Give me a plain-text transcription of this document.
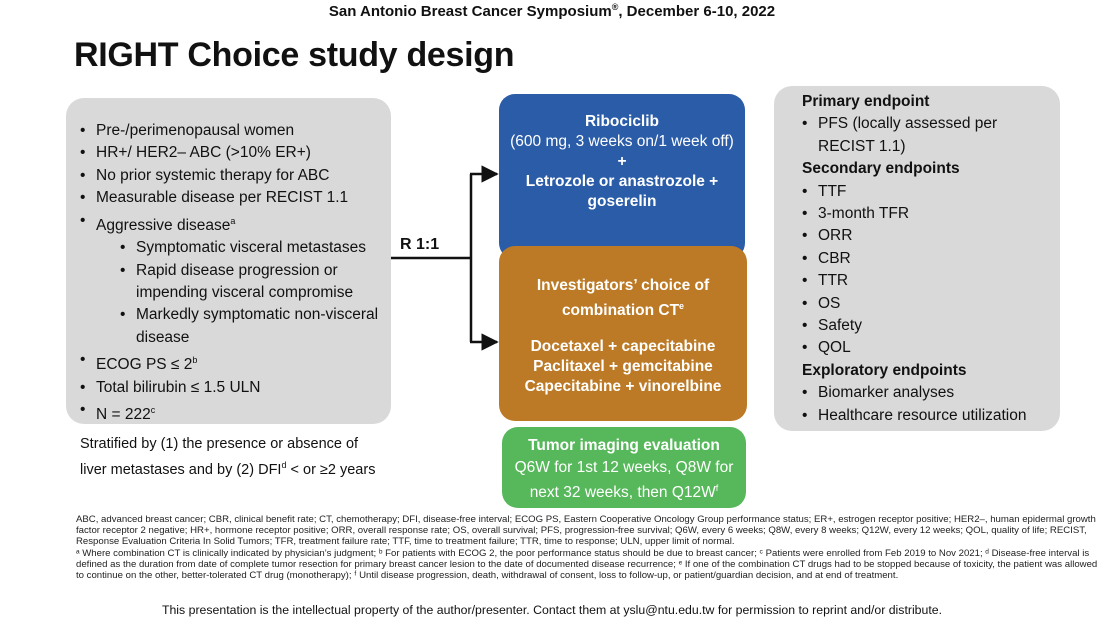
San Antonio Breast Cancer Symposium®, December 6-10, 2022
RIGHT Choice study design
• Pre-/perimenopausal women
• HR+/ HER2– ABC (>10% ER+)
• No prior systemic therapy for ABC
• Measurable disease per RECIST 1.1
• Aggressive disease$^a$
• Symptomatic visceral metastases
• Rapid disease progression or impending visceral compromise
• Markedly symptomatic non-visceral disease
• ECOG PS ≤ $2^b$
• Total bilirubin ≤ 1.5 ULN
• $N = 222^c$
Stratified by (1) the presence or absence of liver metastases and by (2) $DFI^d$ < or ≥2 years
R 1:1
Ribociclib
(600 mg, 3 weeks on/1 week off)
+
Letrozole or anastrozole + goserelin
Investigators’ choice of combination $CT^e$
Docetaxel + capecitabine
Paclitaxel + gemcitabine
Capecitabine + vinorelbine
Tumor imaging evaluation
Q6W for 1st 12 weeks, Q8W for next 32 weeks, then $Q12W^f$
Primary endpoint
• PFS (locally assessed per RECIST 1.1)
Secondary endpoints
• TTF
• 3-month TFR
• ORR
• CBR
• TTR
• OS
• Safety
• QOL
Exploratory endpoints
• Biomarker analyses
• Healthcare resource utilization
ABC, advanced breast cancer; CBR, clinical benefit rate; CT, chemotherapy; DFI, disease-free interval; ECOG PS, Eastern Cooperative Oncology Group performance status; ER+, estrogen receptor positive; HER2–, human epidermal growth factor receptor 2 negative; HR+, hormone receptor positive; ORR, overall response rate; OS, overall survival; PFS, progression-free survival; Q6W, every 6 weeks; Q8W, every 8 weeks; Q12W, every 12 weeks; QOL, quality of life; RECIST, Response Evaluation Criteria In Solid Tumors; TFR, treatment failure rate; TTF, time to treatment failure; TTR, time to response; ULN, upper limit of normal.
ᵃ Where combination CT is clinically indicated by physician’s judgment; ᵇ For patients with ECOG 2, the poor performance status should be due to breast cancer; ᶜ Patients were enrolled from Feb 2019 to Nov 2021; ᵈ Disease-free interval is defined as the duration from date of complete tumor resection for primary breast cancer lesion to the date of documented disease recurrence; ᵉ If one of the combination CT drugs had to be stopped because of toxicity, the patient was allowed to continue on the other, better-tolerated CT drug (monotherapy); ᶠ Until disease progression, death, withdrawal of consent, loss to follow-up, or patient/guardian decision, and at end of treatment.
This presentation is the intellectual property of the author/presenter. Contact them at yslu@ntu.edu.tw for permission to reprint and/or distribute.
